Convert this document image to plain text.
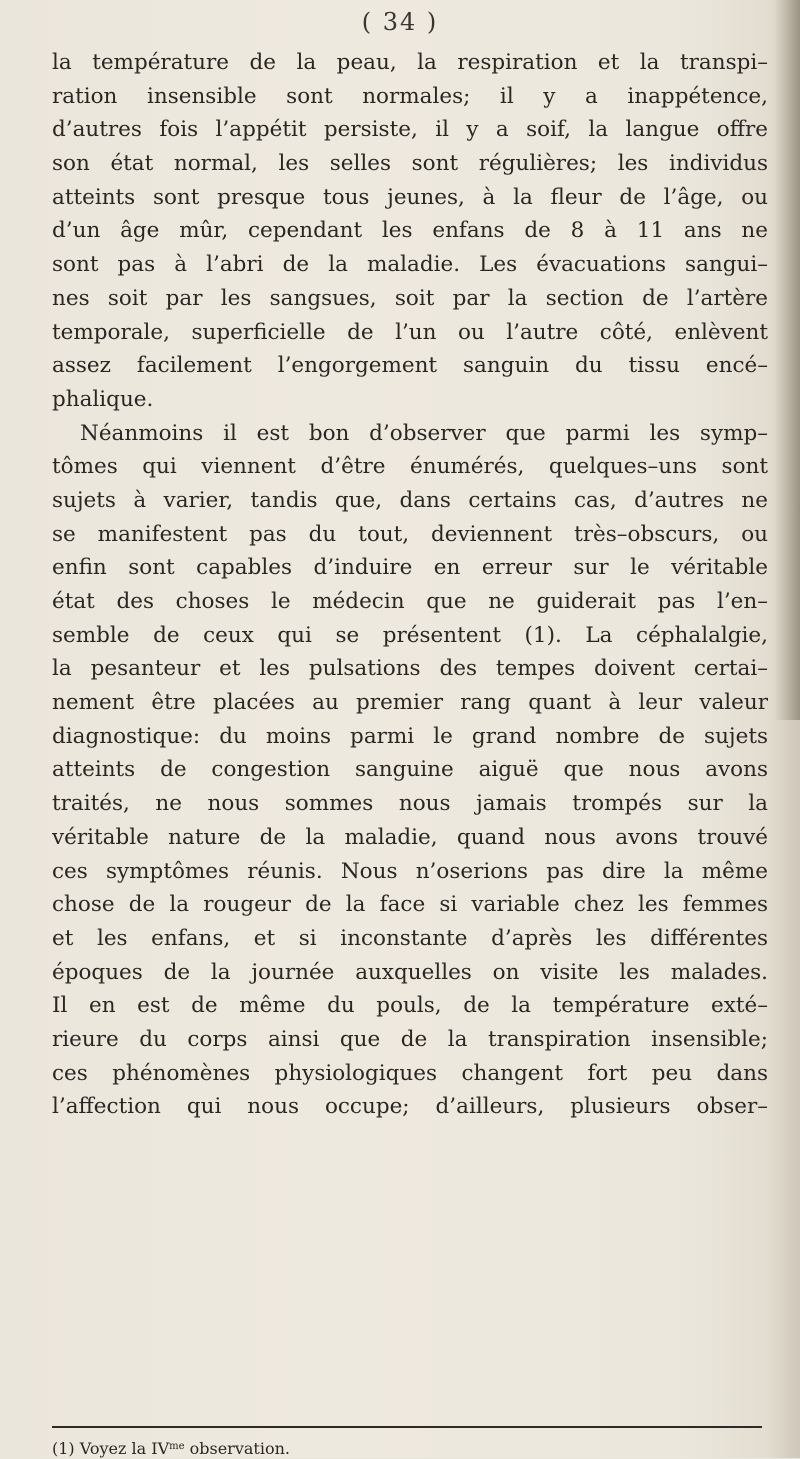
( 34 )
la température de la peau, la respiration et la transpi–
ration insensible sont normales; il y a inappétence,
d’autres fois l’appétit persiste, il y a soif, la langue offre
son état normal, les selles sont régulières; les individus
atteints sont presque tous jeunes, à la fleur de l’âge, ou
d’un âge mûr, cependant les enfans de 8 à 11 ans ne
sont pas à l’abri de la maladie. Les évacuations sangui–
nes soit par les sangsues, soit par la section de l’artère
temporale, superficielle de l’un ou l’autre côté, enlèvent
assez facilement l’engorgement sanguin du tissu encé–
phalique.
Néanmoins il est bon d’observer que parmi les symp–
tômes qui viennent d’être énumérés, quelques–uns sont
sujets à varier, tandis que, dans certains cas, d’autres ne
se manifestent pas du tout, deviennent très–obscurs, ou
enfin sont capables d’induire en erreur sur le véritable
état des choses le médecin que ne guiderait pas l’en–
semble de ceux qui se présentent (1). La céphalalgie,
la pesanteur et les pulsations des tempes doivent certai–
nement être placées au premier rang quant à leur valeur
diagnostique: du moins parmi le grand nombre de sujets
atteints de congestion sanguine aiguë que nous avons
traités, ne nous sommes nous jamais trompés sur la
véritable nature de la maladie, quand nous avons trouvé
ces symptômes réunis. Nous n’oserions pas dire la même
chose de la rougeur de la face si variable chez les femmes
et les enfans, et si inconstante d’après les différentes
époques de la journée auxquelles on visite les malades.
Il en est de même du pouls, de la température exté–
rieure du corps ainsi que de la transpiration insensible;
ces phénomènes physiologiques changent fort peu dans
l’affection qui nous occupe; d’ailleurs, plusieurs obser–
(1) Voyez la $IV^{me}$ observation.
